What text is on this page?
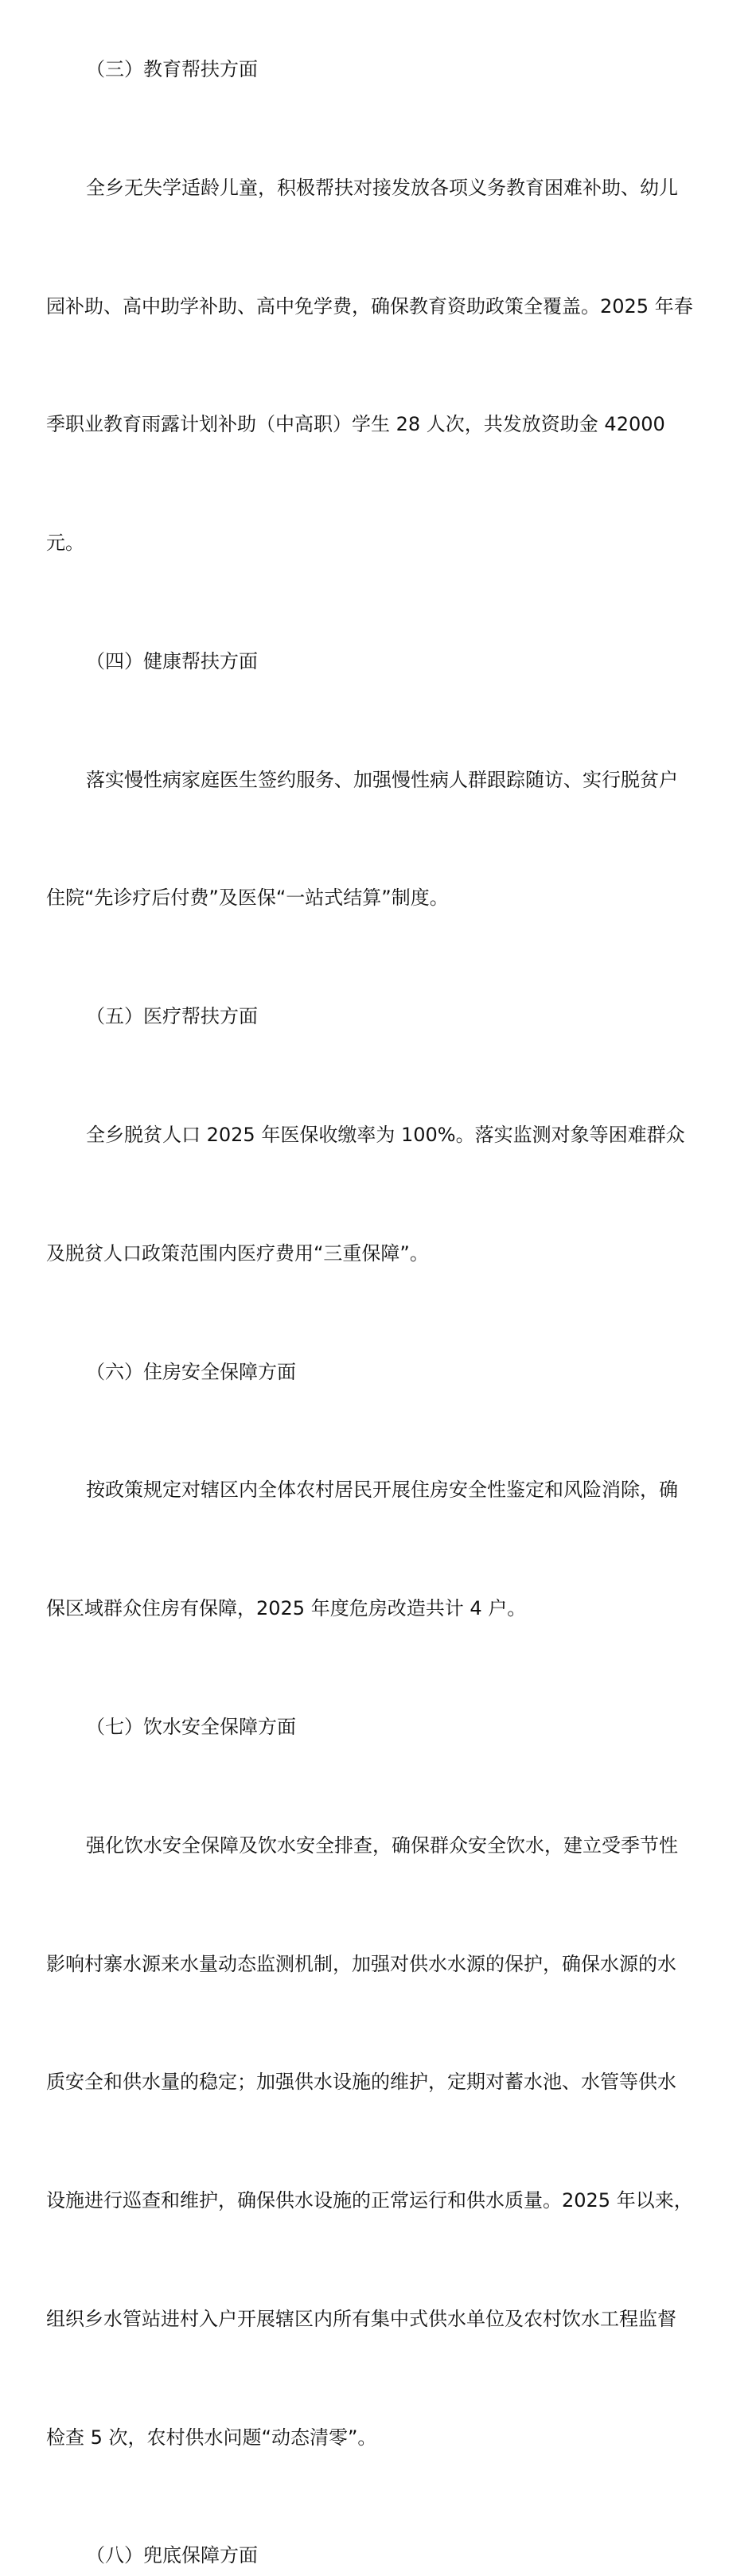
（三）教育帮扶方面

全乡无失学适龄儿童，积极帮扶对接发放各项义务教育困难补助、幼儿

园补助、高中助学补助、高中免学费，确保教育资助政策全覆盖。2025 年春

季职业教育雨露计划补助（中高职）学生 28 人次，共发放资助金 42000

元。

（四）健康帮扶方面

落实慢性病家庭医生签约服务、加强慢性病人群跟踪随访、实行脱贫户

住院“先诊疗后付费”及医保“一站式结算”制度。

（五）医疗帮扶方面

全乡脱贫人口 2025 年医保收缴率为 100%。落实监测对象等困难群众

及脱贫人口政策范围内医疗费用“三重保障”。

（六）住房安全保障方面

按政策规定对辖区内全体农村居民开展住房安全性鉴定和风险消除，确

保区域群众住房有保障，2025 年度危房改造共计 4 户。

（七）饮水安全保障方面

强化饮水安全保障及饮水安全排查，确保群众安全饮水，建立受季节性

影响村寨水源来水量动态监测机制，加强对供水水源的保护，确保水源的水

质安全和供水量的稳定；加强供水设施的维护，定期对蓄水池、水管等供水

设施进行巡查和维护，确保供水设施的正常运行和供水质量。2025 年以来，

组织乡水管站进村入户开展辖区内所有集中式供水单位及农村饮水工程监督

检查 5 次，农村供水问题“动态清零”。

（八）兜底保障方面
